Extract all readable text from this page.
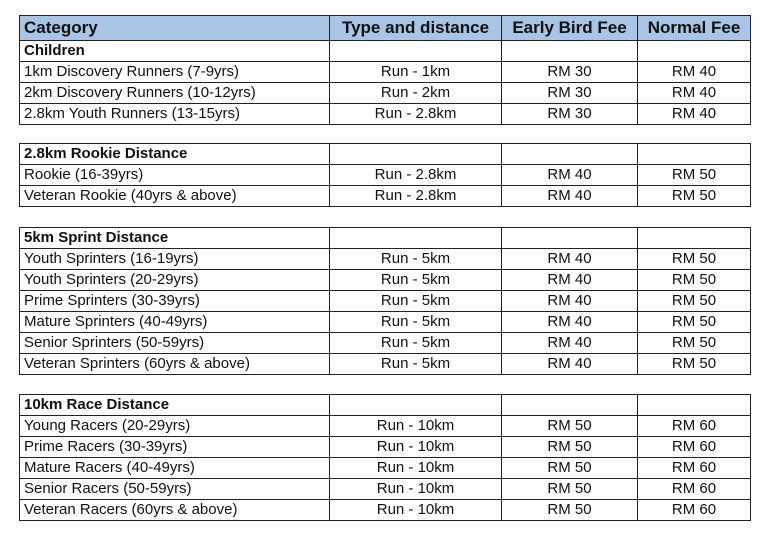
Category	Type and distance	Early Bird Fee	Normal Fee
Children			
1km Discovery Runners (7-9yrs)	Run - 1km	RM 30	RM 40
2km Discovery Runners (10-12yrs)	Run - 2km	RM 30	RM 40
2.8km Youth Runners (13-15yrs)	Run - 2.8km	RM 30	RM 40
2.8km Rookie Distance			
Rookie (16-39yrs)	Run - 2.8km	RM 40	RM 50
Veteran Rookie (40yrs & above)	Run - 2.8km	RM 40	RM 50
5km Sprint Distance			
Youth Sprinters (16-19yrs)	Run - 5km	RM 40	RM 50
Youth Sprinters (20-29yrs)	Run - 5km	RM 40	RM 50
Prime Sprinters (30-39yrs)	Run - 5km	RM 40	RM 50
Mature Sprinters (40-49yrs)	Run - 5km	RM 40	RM 50
Senior Sprinters (50-59yrs)	Run - 5km	RM 40	RM 50
Veteran Sprinters (60yrs & above)	Run - 5km	RM 40	RM 50
10km Race Distance			
Young Racers (20-29yrs)	Run - 10km	RM 50	RM 60
Prime Racers (30-39yrs)	Run - 10km	RM 50	RM 60
Mature Racers (40-49yrs)	Run - 10km	RM 50	RM 60
Senior Racers (50-59yrs)	Run - 10km	RM 50	RM 60
Veteran Racers (60yrs & above)	Run - 10km	RM 50	RM 60
